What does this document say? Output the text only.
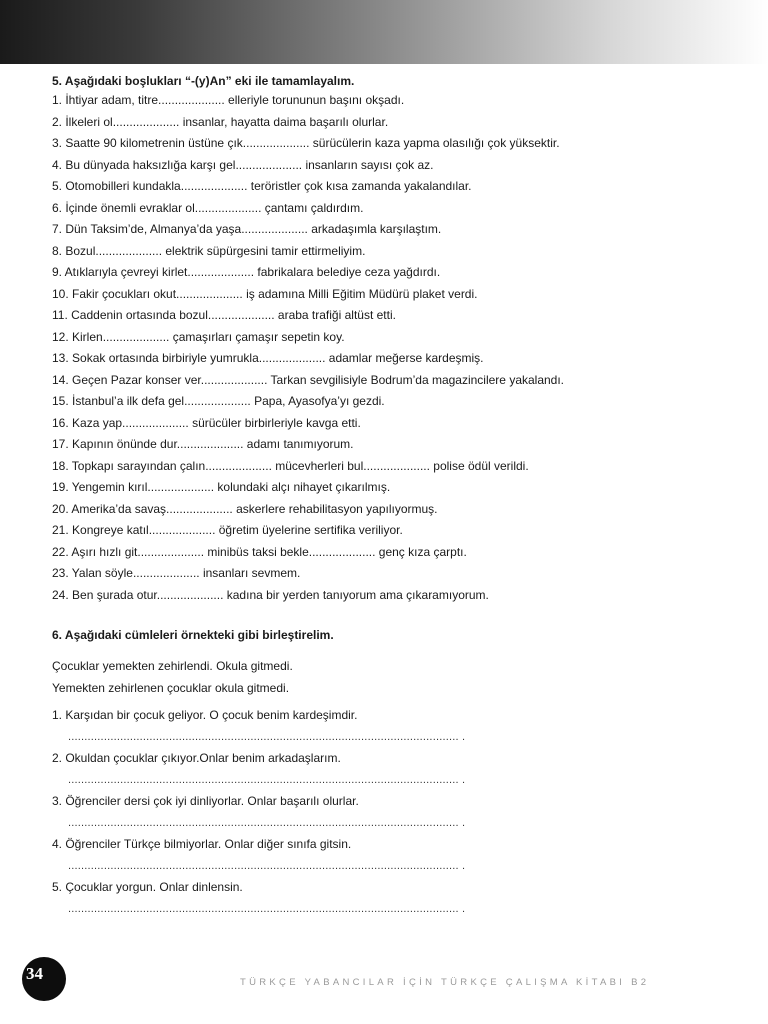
5. Aşağıdaki boşlukları “-(y)An” eki ile tamamlayalım.
1. İhtiyar adam, titre.................... elleriyle torununun başını okşadı.
2. İlkeleri ol.................... insanlar, hayatta daima başarılı olurlar.
3. Saatte 90 kilometrenin üstüne çık.................... sürücülerin kaza yapma olasılığı çok yüksektir.
4. Bu dünyada haksızlığa karşı gel.................... insanların sayısı çok az.
5. Otomobilleri kundakla.................... teröristler çok kısa zamanda yakalandılar.
6. İçinde önemli evraklar ol.................... çantamı çaldırdım.
7. Dün Taksim’de, Almanya’da yaşa.................... arkadaşımla karşılaştım.
8. Bozul.................... elektrik süpürgesini tamir ettirmeliyim.
9. Atıklarıyla çevreyi kirlet.................... fabrikalara belediye ceza yağdırdı.
10. Fakir çocukları okut.................... iş adamına Milli Eğitim Müdürü plaket verdi.
11. Caddenin ortasında bozul.................... araba trafiği altüst etti.
12. Kirlen.................... çamaşırları çamaşır sepetin koy.
13. Sokak ortasında birbiriyle yumrukla.................... adamlar meğerse kardeşmiş.
14. Geçen Pazar konser ver.................... Tarkan sevgilisiyle Bodrum’da magazincilere yakalandı.
15. İstanbul’a ilk defa gel.................... Papa, Ayasofya’yı gezdi.
16. Kaza yap.................... sürücüler birbirleriyle kavga etti.
17. Kapının önünde dur.................... adamı tanımıyorum.
18. Topkapı sarayından çalın.................... mücevherleri bul.................... polise ödül verildi.
19. Yengemin kırıl.................... kolundaki alçı nihayet çıkarılmış.
20. Amerika’da savaş.................... askerlere rehabilitasyon yapılıyormuş.
21. Kongreye katıl.................... öğretim üyelerine sertifika veriliyor.
22. Aşırı hızlı git.................... minibüs taksi bekle.................... genç kıza çarptı.
23. Yalan söyle.................... insanları sevmem.
24. Ben şurada otur.................... kadına bir yerden tanıyorum ama çıkaramıyorum.
6. Aşağıdaki cümleleri örnekteki gibi birleştirelim.
Çocuklar yemekten zehirlendi. Okula gitmedi.
Yemekten zehirlenen çocuklar okula gitmedi.
1. Karşıdan bir çocuk geliyor. O çocuk benim kardeşimdir.
........................................................................................................................ .
2. Okuldan çocuklar çıkıyor.Onlar benim arkadaşlarım.
........................................................................................................................ .
3. Öğrenciler dersi çok iyi dinliyorlar. Onlar başarılı olurlar.
........................................................................................................................ .
4. Öğrenciler Türkçe bilmiyorlar. Onlar diğer sınıfa gitsin.
........................................................................................................................ .
5. Çocuklar yorgun. Onlar dinlensin.
........................................................................................................................ .
34	TÜRKÇE YABANCILAR İÇİN TÜRKÇE ÇALIŞMA KİTABI B2
